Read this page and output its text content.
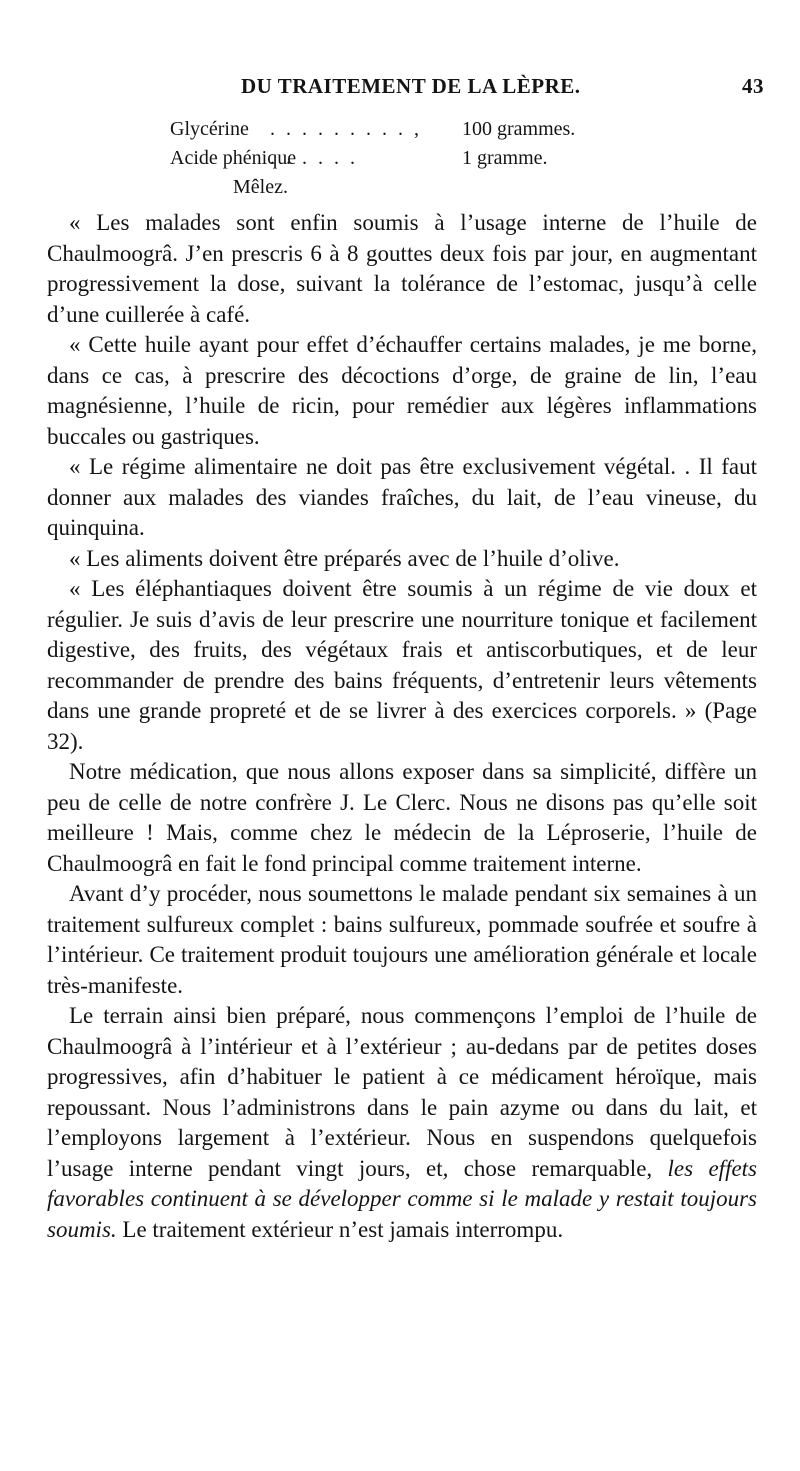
DU TRAITEMENT DE LA LÈPRE.	43
Glycérine . . . . . . . . . , 100 grammes.
Acide phénique
. . . . . .	1 gramme.
Mêlez.

« Les malades sont enfin soumis à l’usage interne de l’huile de Chaulmoogrâ. J’en prescris 6 à 8 gouttes deux fois par jour, en augmentant progressivement la dose, suivant la tolérance de l’estomac, jusqu’à celle d’une cuillerée à café.

« Cette huile ayant pour effet d’échauffer certains malades, je me borne, dans ce cas, à prescrire des décoctions d’orge, de graine de lin, l’eau magnésienne, l’huile de ricin, pour remédier aux légères inflammations buccales ou gastriques.

« Le régime alimentaire ne doit pas être exclusivement végétal. . Il faut donner aux malades des viandes fraîches, du lait, de l’eau vineuse, du quinquina.

« Les aliments doivent être préparés avec de l’huile d’olive.

« Les éléphantiaques doivent être soumis à un régime de vie doux et régulier. Je suis d’avis de leur prescrire une nourriture tonique et facilement digestive, des fruits, des végétaux frais et antiscorbutiques, et de leur recommander de prendre des bains fréquents, d’entretenir leurs vêtements dans une grande propreté et de se livrer à des exercices corporels. » (Page 32).

Notre médication, que nous allons exposer dans sa simplicité, diffère un peu de celle de notre confrère J. Le Clerc. Nous ne disons pas qu’elle soit meilleure ! Mais, comme chez le médecin de la Léproserie, l’huile de Chaulmoogrâ en fait le fond principal comme traitement interne.

Avant d’y procéder, nous soumettons le malade pendant six semaines à un traitement sulfureux complet : bains sulfureux, pommade soufrée et soufre à l’intérieur. Ce traitement produit toujours une amélioration générale et locale très-manifeste.

Le terrain ainsi bien préparé, nous commençons l’emploi de l’huile de Chaulmoogrâ à l’intérieur et à l’extérieur ; au-dedans par de petites doses progressives, afin d’habituer le patient à ce médicament héroïque, mais repoussant. Nous l’administrons dans le pain azyme ou dans du lait, et l’employons largement à l’extérieur. Nous en suspendons quelquefois l’usage interne pendant vingt jours, et, chose remarquable, les effets favorables continuent à se développer comme si le malade y restait toujours soumis. Le traitement extérieur n’est jamais interrompu.
